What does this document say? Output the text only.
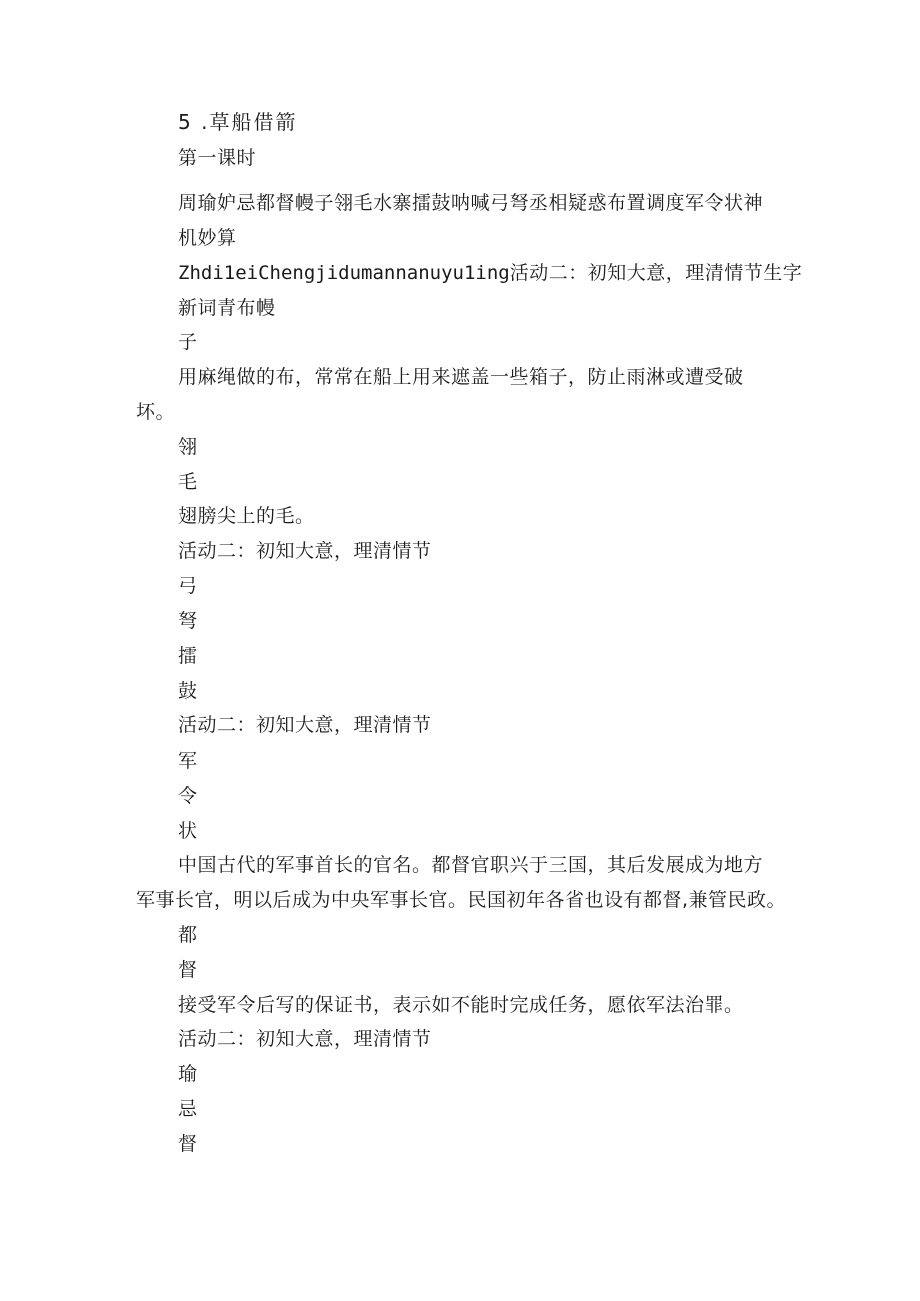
5 .草船借箭
第一课时
周瑜妒忌都督幔子翎毛水寨擂鼓呐喊弓弩丞相疑惑布置调度军令状神
机妙算
Zhdi1eiChengjidumannanuyu1ing活动二：初知大意，理清情节生字
新词青布幔
子
用麻绳做的布，常常在船上用来遮盖一些箱子，防止雨淋或遭受破
坏。
翎
毛
翅膀尖上的毛。
活动二：初知大意，理清情节
弓
弩
擂
鼓
活动二：初知大意，理清情节
军
令
状
中国古代的军事首长的官名。都督官职兴于三国，其后发展成为地方
军事长官，明以后成为中央军事长官。民国初年各省也设有都督,兼管民政。
都
督
接受军令后写的保证书，表示如不能时完成任务，愿依军法治罪。
活动二：初知大意，理清情节
瑜
忌
督
